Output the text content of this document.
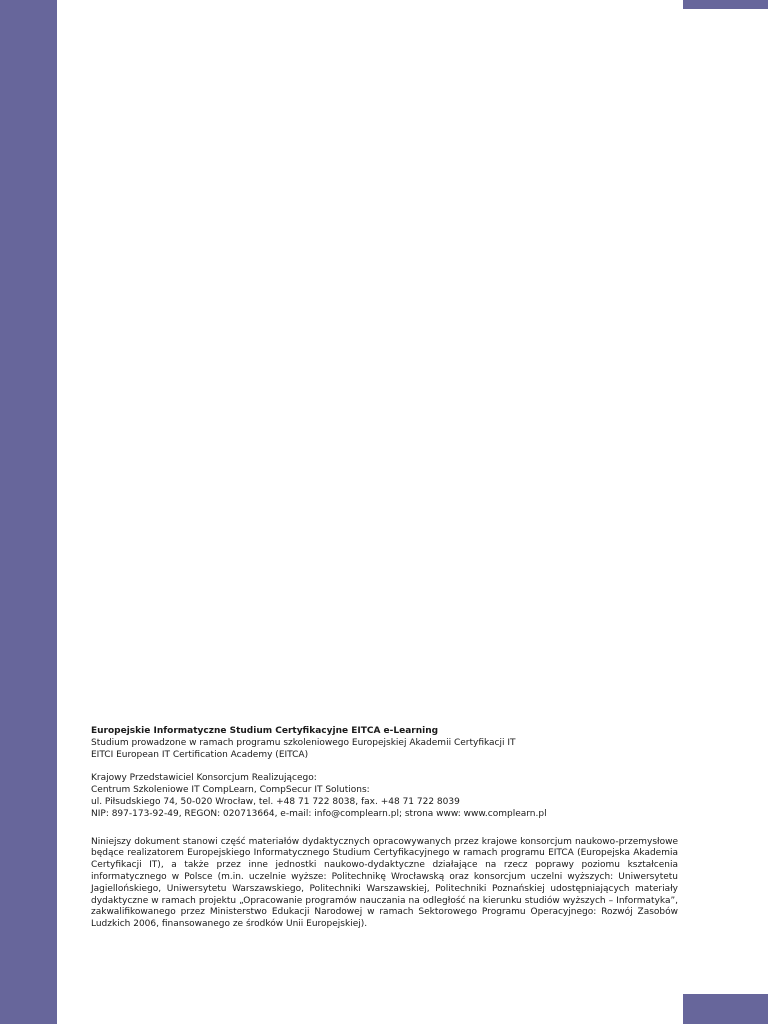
Europejskie Informatyczne Studium Certyfikacyjne EITCA e-Learning
Studium prowadzone w ramach programu szkoleniowego Europejskiej Akademii Certyfikacji IT
EITCI European IT Certification Academy (EITCA)
Krajowy Przedstawiciel Konsorcjum Realizującego:
Centrum Szkoleniowe IT CompLearn, CompSecur IT Solutions:
ul. Piłsudskiego 74, 50-020 Wrocław, tel. +48 71 722 8038, fax. +48 71 722 8039
NIP: 897-173-92-49, REGON: 020713664, e-mail: info@complearn.pl; strona www: www.complearn.pl
Niniejszy dokument stanowi część materiałów dydaktycznych opracowywanych przez krajowe konsorcjum naukowo-przemysłowe będące realizatorem Europejskiego Informatycznego Studium Certyfikacyjnego w ramach programu EITCA (Europejska Akademia Certyfikacji IT), a także przez inne jednostki naukowo-dydaktyczne działające na rzecz poprawy poziomu kształcenia informatycznego w Polsce (m.in. uczelnie wyższe: Politechnikę Wrocławską oraz konsorcjum uczelni wyższych: Uniwersytetu Jagiellońskiego, Uniwersytetu Warszawskiego, Politechniki Warszawskiej, Politechniki Poznańskiej udostępniających materiały dydaktyczne w ramach projektu „Opracowanie programów nauczania na odległość na kierunku studiów wyższych – Informatyka”, zakwalifikowanego przez Ministerstwo Edukacji Narodowej w ramach Sektorowego Programu Operacyjnego: Rozwój Zasobów Ludzkich 2006, finansowanego ze środków Unii Europejskiej).
